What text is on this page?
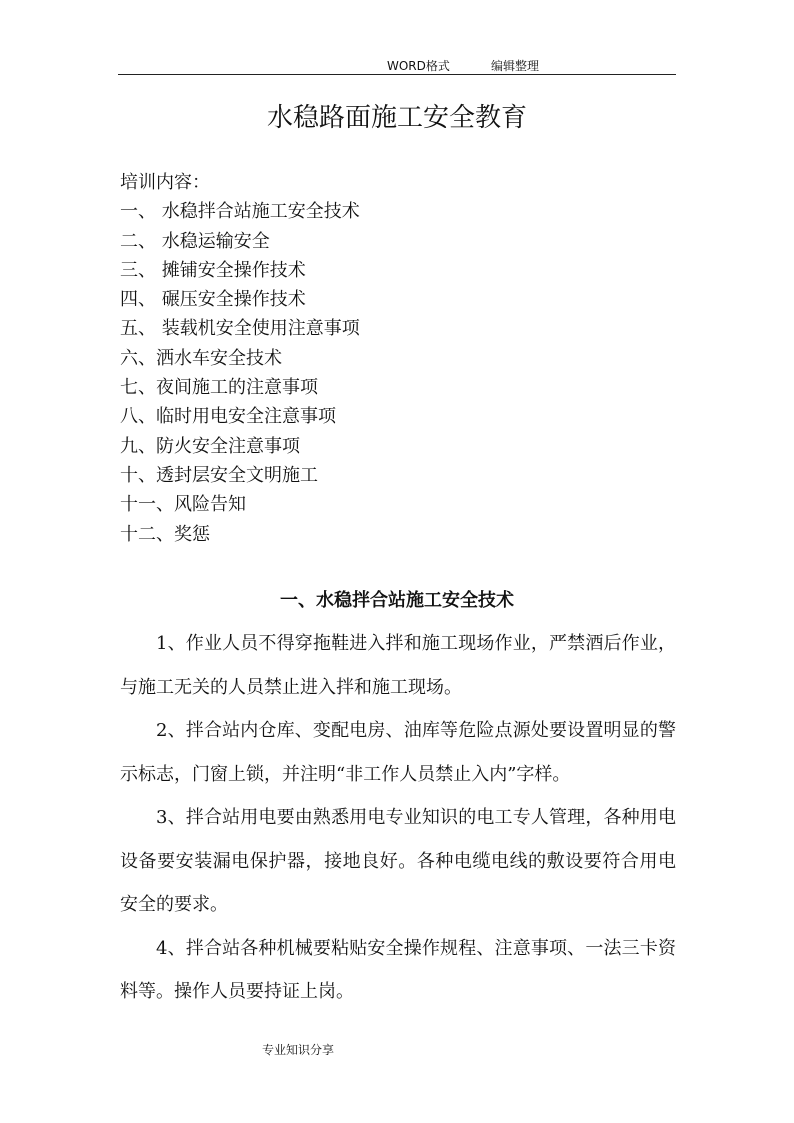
WORD格式	编辑整理
水稳路面施工安全教育
培训内容：
一、 水稳拌合站施工安全技术
二、 水稳运输安全
三、 摊铺安全操作技术
四、 碾压安全操作技术
五、 装载机安全使用注意事项
六、洒水车安全技术
七、夜间施工的注意事项
八、临时用电安全注意事项
九、防火安全注意事项
十、透封层安全文明施工
十一、风险告知
十二、奖惩
一、水稳拌合站施工安全技术

1、作业人员不得穿拖鞋进入拌和施工现场作业，严禁酒后作业，与施工无关的人员禁止进入拌和施工现场。

2、拌合站内仓库、变配电房、油库等危险点源处要设置明显的警示标志，门窗上锁，并注明“非工作人员禁止入内”字样。

3、拌合站用电要由熟悉用电专业知识的电工专人管理，各种用电设备要安装漏电保护器，接地良好。各种电缆电线的敷设要符合用电安全的要求。

4、拌合站各种机械要粘贴安全操作规程、注意事项、一法三卡资料等。操作人员要持证上岗。

专业知识分享
